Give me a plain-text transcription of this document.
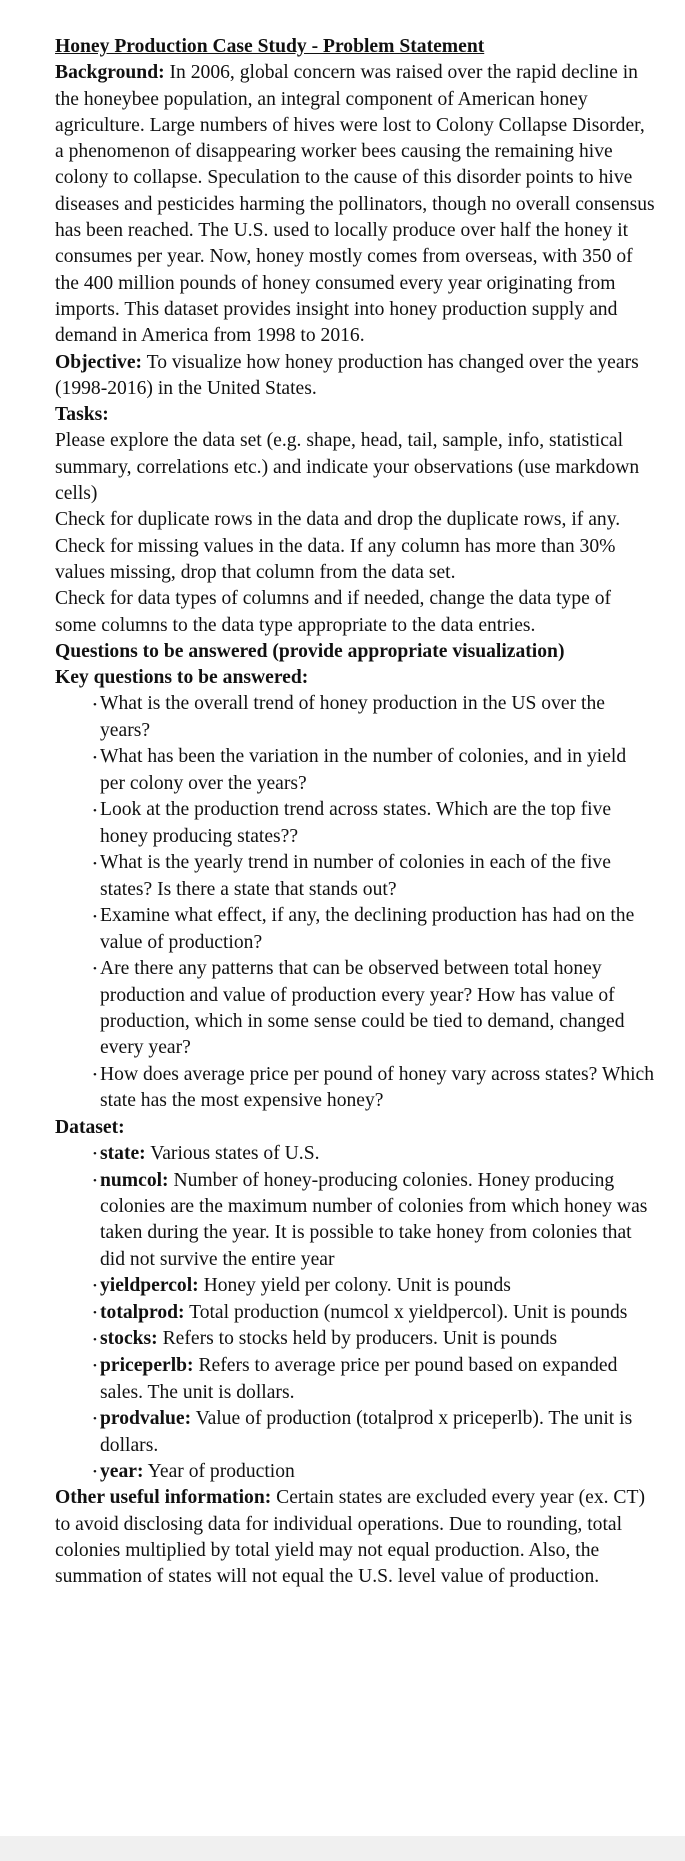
Honey Production Case Study - Problem Statement

Background: In 2006, global concern was raised over the rapid decline in the honeybee population, an integral component of American honey agriculture. Large numbers of hives were lost to Colony Collapse Disorder, a phenomenon of disappearing worker bees causing the remaining hive colony to collapse. Speculation to the cause of this disorder points to hive diseases and pesticides harming the pollinators, though no overall consensus has been reached. The U.S. used to locally produce over half the honey it consumes per year. Now, honey mostly comes from overseas, with 350 of the 400 million pounds of honey consumed every year originating from imports. This dataset provides insight into honey production supply and demand in America from 1998 to 2016.

Objective: To visualize how honey production has changed over the years (1998-2016) in the United States.

Tasks:

Please explore the data set (e.g. shape, head, tail, sample, info, statistical summary, correlations etc.) and indicate your observations (use markdown cells)

Check for duplicate rows in the data and drop the duplicate rows, if any.

Check for missing values in the data. If any column has more than 30% values missing, drop that column from the data set.

Check for data types of columns and if needed, change the data type of some columns to the data type appropriate to the data entries.

Questions to be answered (provide appropriate visualization)

Key questions to be answered:

• What is the overall trend of honey production in the US over the years?
• What has been the variation in the number of colonies, and in yield per colony over the years?
• Look at the production trend across states. Which are the top five honey producing states??
• What is the yearly trend in number of colonies in each of the five states? Is there a state that stands out?
• Examine what effect, if any, the declining production has had on the value of production?
• Are there any patterns that can be observed between total honey production and value of production every year? How has value of production, which in some sense could be tied to demand, changed every year?
• How does average price per pound of honey vary across states? Which state has the most expensive honey?

Dataset:

• state: Various states of U.S.
• numcol: Number of honey-producing colonies. Honey producing colonies are the maximum number of colonies from which honey was taken during the year. It is possible to take honey from colonies that did not survive the entire year
• yieldpercol: Honey yield per colony. Unit is pounds
• totalprod: Total production (numcol x yieldpercol). Unit is pounds
• stocks: Refers to stocks held by producers. Unit is pounds
• priceperlb: Refers to average price per pound based on expanded sales. The unit is dollars.
• prodvalue: Value of production (totalprod x priceperlb). The unit is dollars.
• year: Year of production

Other useful information: Certain states are excluded every year (ex. CT) to avoid disclosing data for individual operations. Due to rounding, total colonies multiplied by total yield may not equal production. Also, the summation of states will not equal the U.S. level value of production.
